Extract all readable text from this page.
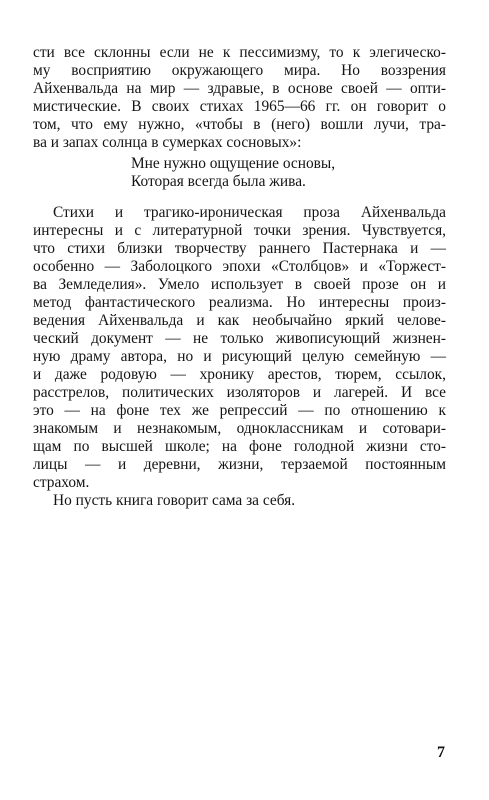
сти все склонны если не к пессимизму, то к элегическо-
му восприятию окружающего мира. Но воззрения
Айхенвальда на мир — здравые, в основе своей — опти-
мистические. В своих стихах 1965—66 гг. он говорит о
том, что ему нужно, «чтобы в (него) вошли лучи, тра-
ва и запах солнца в сумерках сосновых»:
Мне нужно ощущение основы,
Которая всегда была жива.
Стихи и трагико-ироническая проза Айхенвальда
интересны и с литературной точки зрения. Чувствуется,
что стихи близки творчеству раннего Пастернака и —
особенно — Заболоцкого эпохи «Столбцов» и «Торжест-
ва Земледелия». Умело использует в своей прозе он и
метод фантастического реализма. Но интересны произ-
ведения Айхенвальда и как необычайно яркий челове-
ческий документ — не только живописующий жизнен-
ную драму автора, но и рисующий целую семейную —
и даже родовую — хронику арестов, тюрем, ссылок,
расстрелов, политических изоляторов и лагерей. И все
это — на фоне тех же репрессий — по отношению к
знакомым и незнакомым, одноклассникам и сотовари-
щам по высшей школе; на фоне голодной жизни сто-
лицы — и деревни, жизни, терзаемой постоянным
страхом.
Но пусть книга говорит сама за себя.
7
